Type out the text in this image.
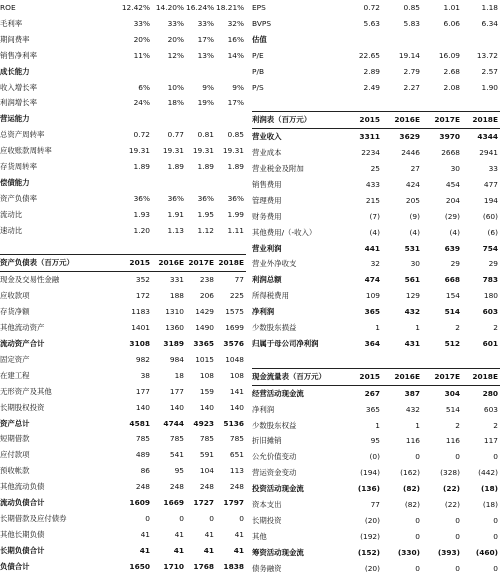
ROE	12.42%	14.20%	16.24%	18.21%
毛利率	33%	33%	33%	32%
期间费率	20%	20%	17%	16%
销售净利率	11%	12%	13%	14%
成长能力				
收入增长率	6%	10%	9%	9%
利润增长率	24%	18%	19%	17%
营运能力				
总资产周转率	0.72	0.77	0.81	0.85
应收账款周转率	19.31	19.31	19.31	19.31
存货周转率	1.89	1.89	1.89	1.89
偿债能力				
资产负债率	36%	36%	36%	36%
流动比	1.93	1.91	1.95	1.99
速动比	1.20	1.13	1.12	1.11

资产负债表（百万元）	2015	2016E	2017E	2018E
现金及交易性金融	352	331	238	77
应收款项	172	188	206	225
存货净额	1183	1310	1429	1575
其他流动资产	1401	1360	1490	1699
流动资产合计	3108	3189	3365	3576
固定资产	982	984	1015	1048
在建工程	38	18	108	108
无形资产及其他	177	177	159	141
长期股权投资	140	140	140	140
资产总计	4581	4744	4923	5136
短期借款	785	785	785	785
应付款项	489	541	591	651
预收帐款	86	95	104	113
其他流动负债	248	248	248	248
流动负债合计	1609	1669	1727	1797
长期借款及应付债券	0	0	0	0
其他长期负债	41	41	41	41
长期负债合计	41	41	41	41
负债合计	1650	1710	1768	1838
EPS	0.72	0.85	1.01	1.18
BVPS	5.63	5.83	6.06	6.34
估值				
P/E	22.65	19.14	16.09	13.72
P/B	2.89	2.79	2.68	2.57
P/S	2.49	2.27	2.08	1.90

利润表（百万元）	2015	2016E	2017E	2018E
营业收入	3311	3629	3970	4344
营业成本	2234	2446	2668	2941
营业税金及附加	25	27	30	33
销售费用	433	424	454	477
管理费用	215	205	204	194
财务费用	(7)	(9)	(29)	(60)
其他费用/（-收入）	(4)	(4)	(4)	(6)
营业利润	441	531	639	754
营业外净收支	32	30	29	29
利润总额	474	561	668	783
所得税费用	109	129	154	180
净利润	365	432	514	603
少数股东损益	1	1	2	2
归属于母公司净利润	364	431	512	601

现金流量表（百万元）	2015	2016E	2017E	2018E
经营活动现金流	267	387	304	280
净利润	365	432	514	603
少数股东权益	1	1	2	2
折旧摊销	95	116	116	117
公允价值变动	(0)	0	0	0
营运资金变动	(194)	(162)	(328)	(442)
投资活动现金流	(136)	(82)	(22)	(18)
资本支出	77	(82)	(22)	(18)
长期投资	(20)	0	0	0
其他	(192)	0	0	0
筹资活动现金流	(152)	(330)	(393)	(460)
债务融资	(20)	0	0	0
